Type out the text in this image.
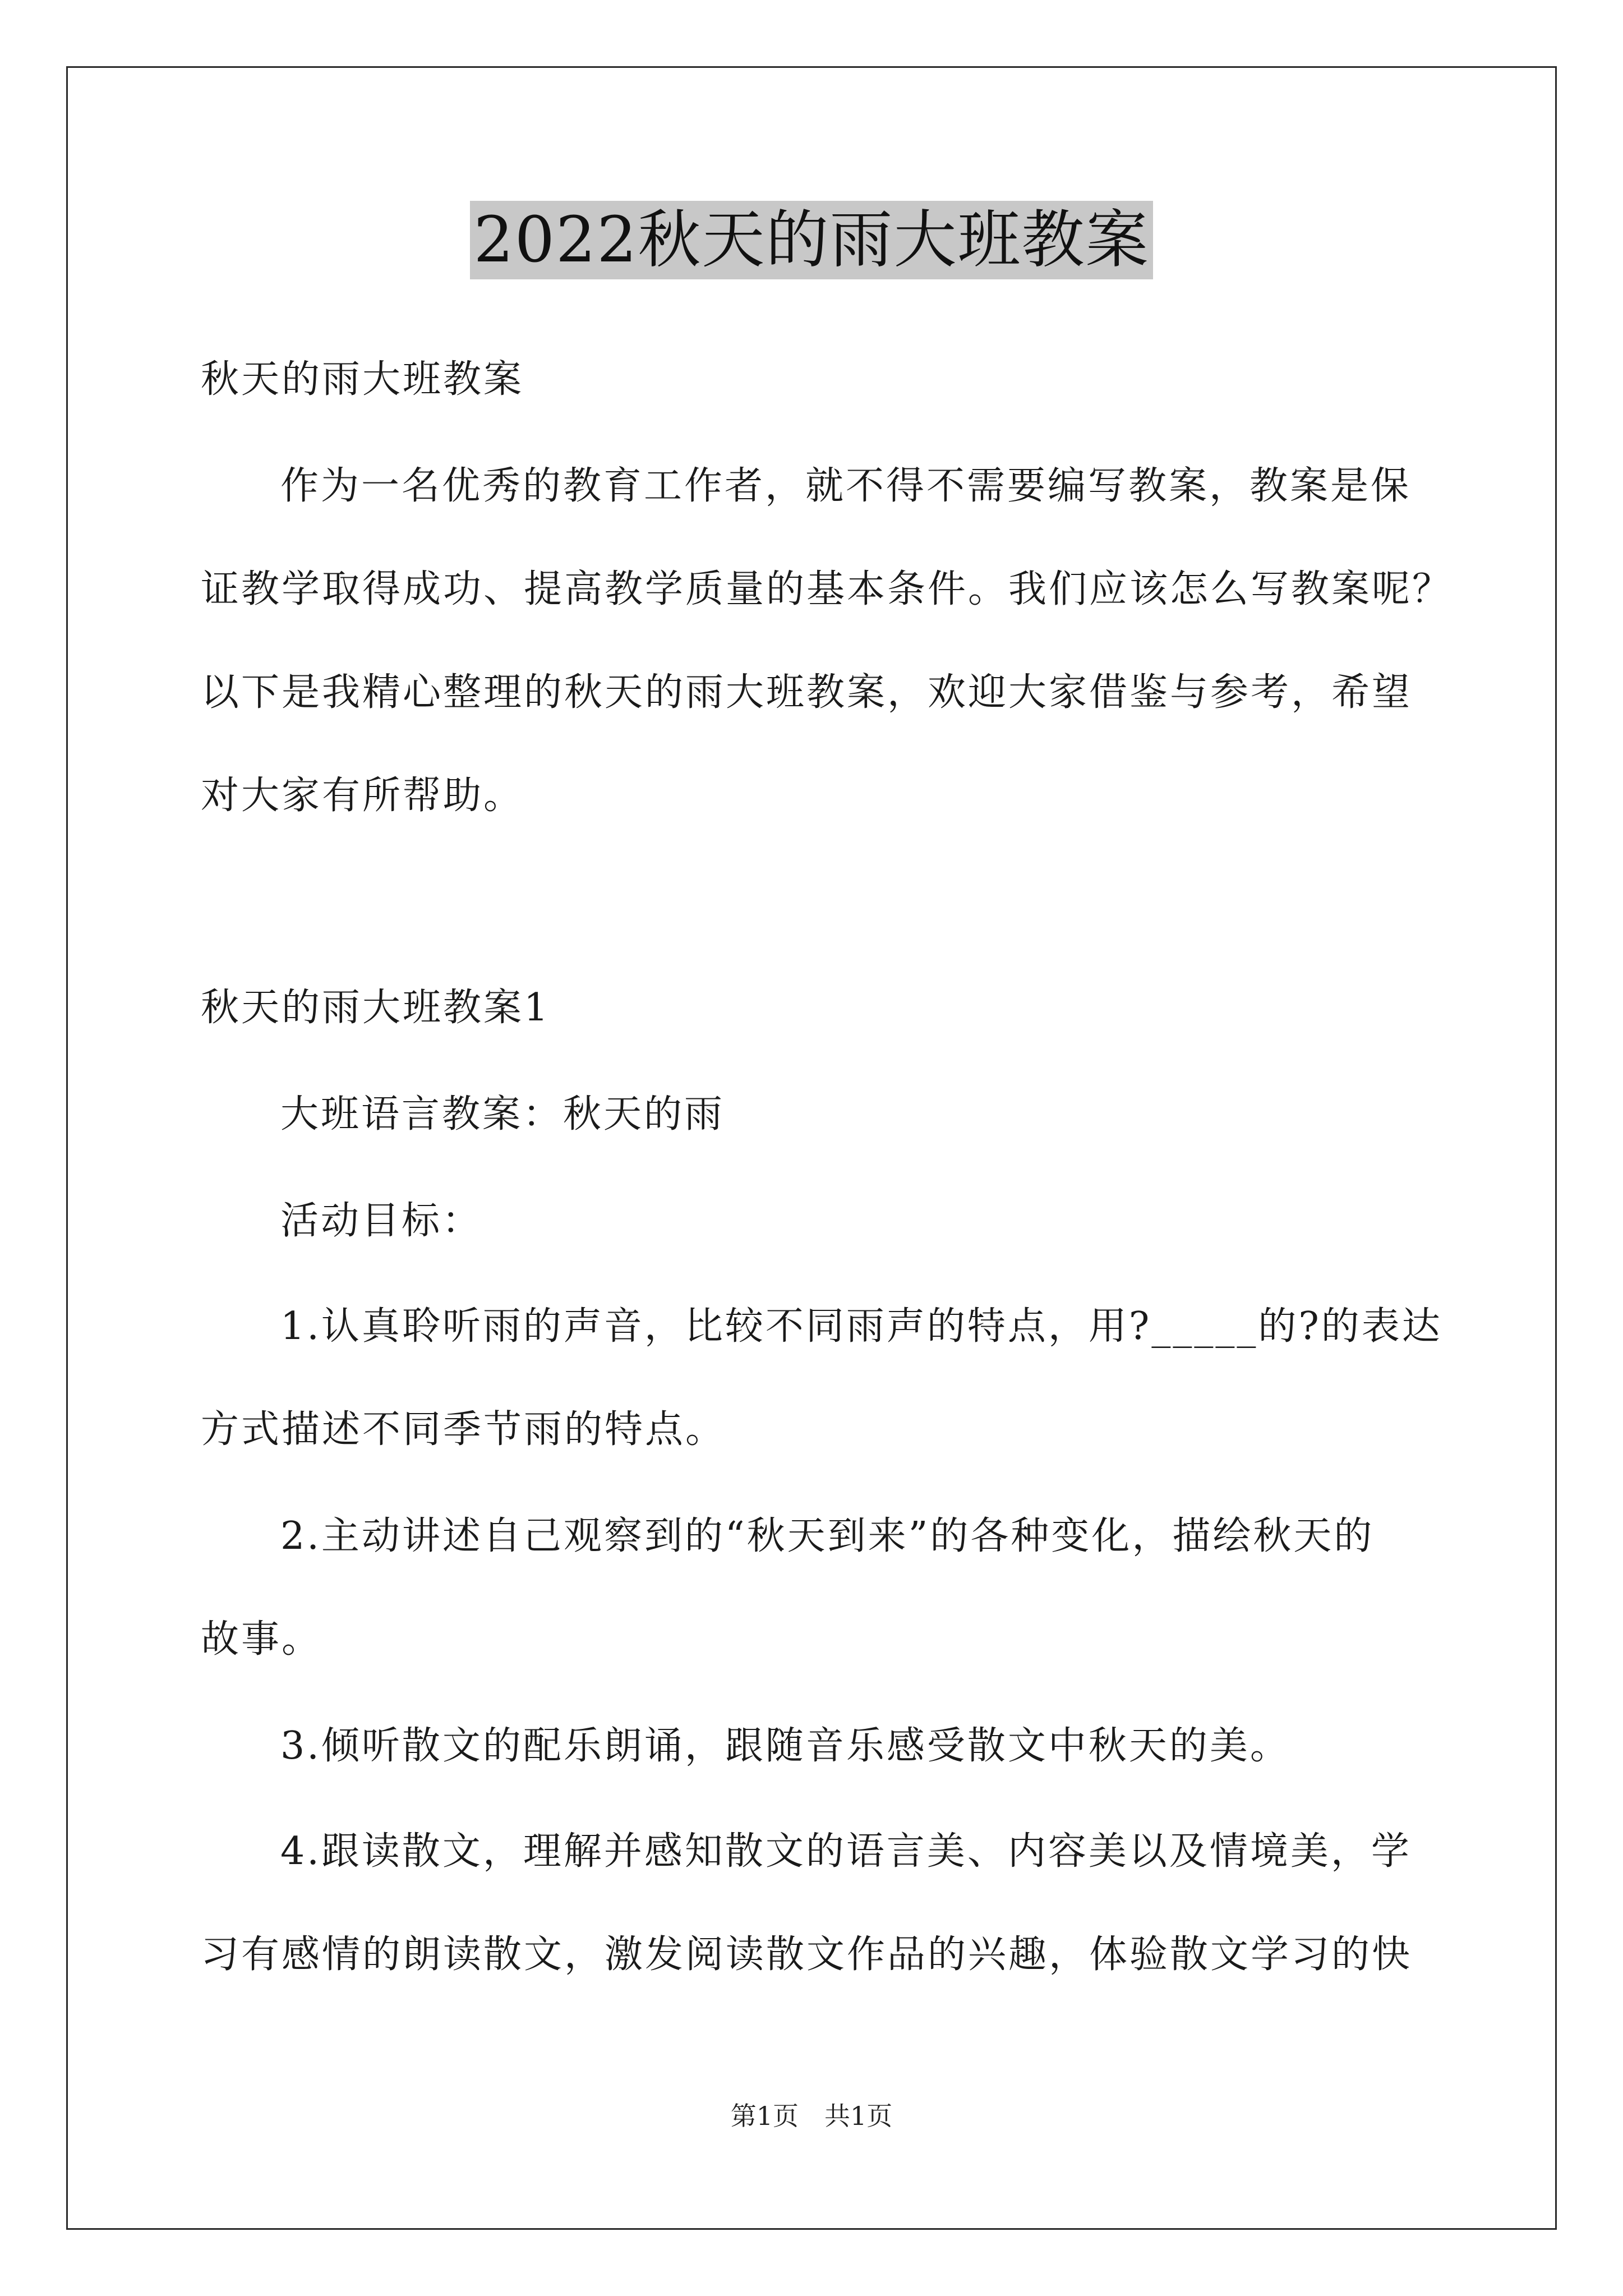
2022秋天的雨大班教案
秋天的雨大班教案
作为一名优秀的教育工作者，就不得不需要编写教案，教案是保
证教学取得成功、提高教学质量的基本条件。我们应该怎么写教案呢？
以下是我精心整理的秋天的雨大班教案，欢迎大家借鉴与参考，希望
对大家有所帮助。
秋天的雨大班教案1
大班语言教案：秋天的雨
活动目标：
1.认真聆听雨的声音，比较不同雨声的特点，用?_____的?的表达
方式描述不同季节雨的特点。
2.主动讲述自己观察到的“秋天到来”的各种变化，描绘秋天的
故事。
3.倾听散文的配乐朗诵，跟随音乐感受散文中秋天的美。
4.跟读散文，理解并感知散文的语言美、内容美以及情境美，学
习有感情的朗读散文，激发阅读散文作品的兴趣，体验散文学习的快
第1页　共1页
